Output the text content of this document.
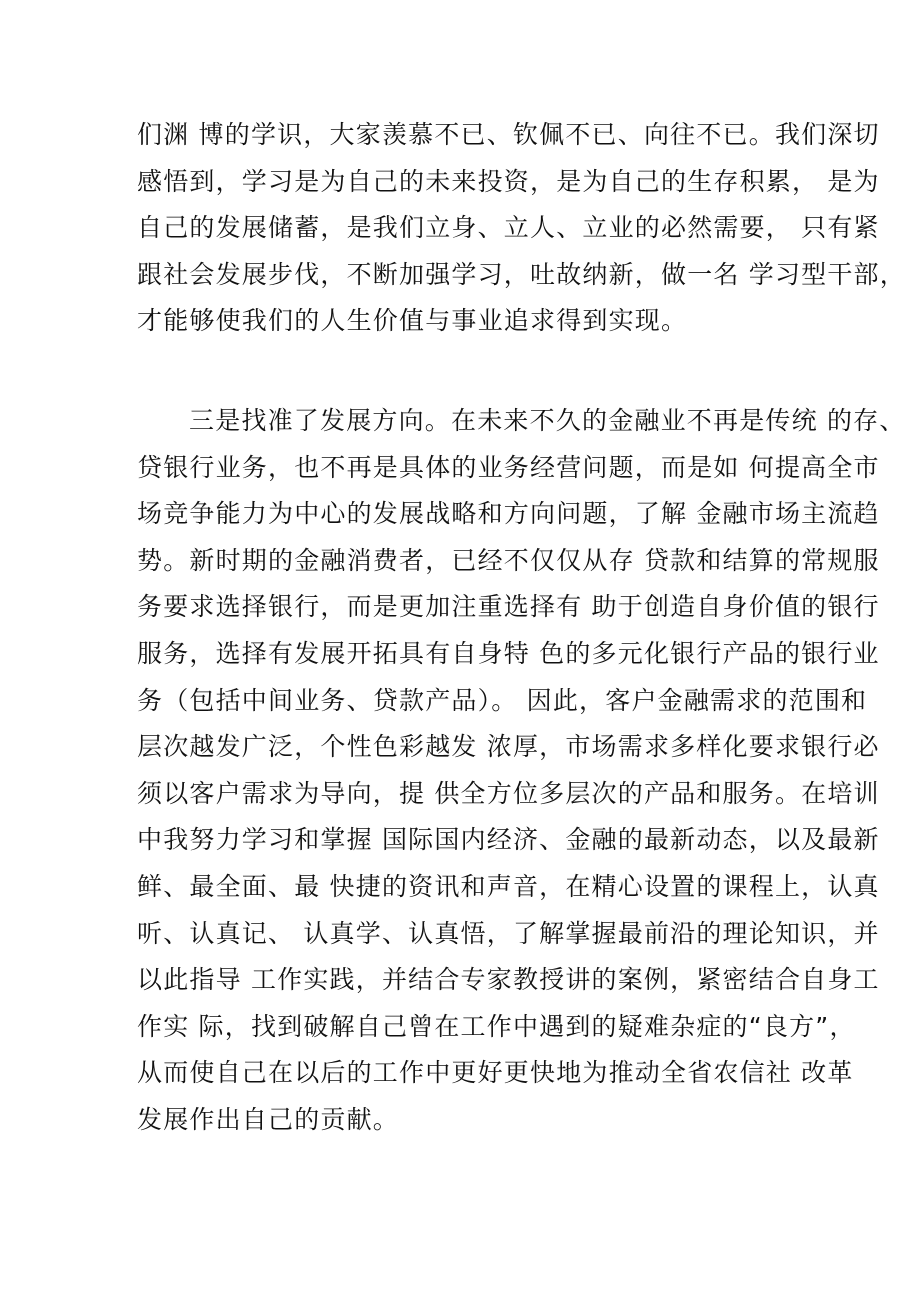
们渊 博的学识，大家羡慕不已、钦佩不已、向往不已。我们深切
感悟到，学习是为自己的未来投资，是为自己的生存积累， 是为
自己的发展储蓄，是我们立身、立人、立业的必然需要， 只有紧
跟社会发展步伐，不断加强学习，吐故纳新，做一名 学习型干部，
才能够使我们的人生价值与事业追求得到实现。
三是找准了发展方向。在未来不久的金融业不再是传统 的存、
贷银行业务，也不再是具体的业务经营问题，而是如 何提高全市
场竞争能力为中心的发展战略和方向问题，了解 金融市场主流趋
势。新时期的金融消费者，已经不仅仅从存 贷款和结算的常规服
务要求选择银行，而是更加注重选择有 助于创造自身价值的银行
服务，选择有发展开拓具有自身特 色的多元化银行产品的银行业
务（包括中间业务、贷款产品）。 因此，客户金融需求的范围和
层次越发广泛，个性色彩越发 浓厚，市场需求多样化要求银行必
须以客户需求为导向，提 供全方位多层次的产品和服务。在培训
中我努力学习和掌握 国际国内经济、金融的最新动态，以及最新
鲜、最全面、最 快捷的资讯和声音，在精心设置的课程上，认真
听、认真记、 认真学、认真悟，了解掌握最前沿的理论知识，并
以此指导 工作实践，并结合专家教授讲的案例，紧密结合自身工
作实 际，找到破解自己曾在工作中遇到的疑难杂症的“良方”，
从而使自己在以后的工作中更好更快地为推动全省农信社 改革
发展作出自己的贡献。
